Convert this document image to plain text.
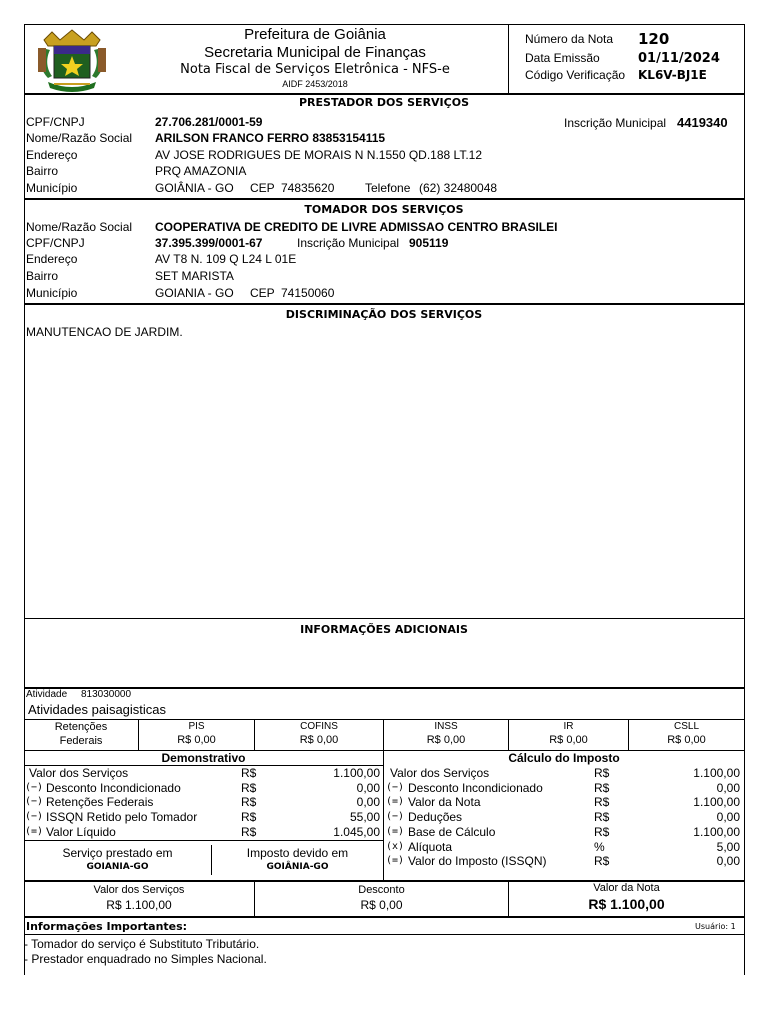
Prefeitura de Goiânia
Secretaria Municipal de Finanças
Nota Fiscal de Serviços Eletrônica - NFS-e
AIDF 2453/2018
Número da Nota 120
Data Emissão	01/11/2024
Código Verificação KL6V-BJ1E
PRESTADOR DOS SERVIÇOS
CPF/CNPJ	27.706.281/0001-59	Inscrição Municipal 4419340
Nome/Razão Social ARILSON FRANCO FERRO 83853154115
Endereço	AV JOSE RODRIGUES DE MORAIS N N.1550 QD.188 LT.12
Bairro	PRQ AMAZONIA
Município	GOIÂNIA - GO CEP 74835620	Telefone (62) 32480048
TOMADOR DOS SERVIÇOS
Nome/Razão Social COOPERATIVA DE CREDITO DE LIVRE ADMISSAO CENTRO BRASILEI
CPF/CNPJ	37.395.399/0001-67	Inscrição Municipal 905119
Endereço	AV T8 N. 109 Q L24 L 01E
Bairro	SET MARISTA
Município	GOIANIA - GO CEP 74150060
DISCRIMINAÇÃO DOS SERVIÇOS
MANUTENCAO DE JARDIM.
INFORMAÇÕES ADICIONAIS
Atividade 813030000
Atividades paisagisticas
Retenções
Federais
PIS
R$ 0,00
COFINS
R$ 0,00
INSS
R$ 0,00
IR
R$ 0,00
CSLL
R$ 0,00
Demonstrativo	Cálculo do Imposto
Valor dos Serviços	R$	1.100,00
(−) Desconto Incondicionado	R$	0,00
(−) Retenções Federais	R$	0,00
(−) ISSQN Retido pelo Tomador	R$	55,00
(=) Valor Líquido	R$	1.045,00
Valor dos Serviços	R$	1.100,00
(−) Desconto Incondicionado	R$	0,00
(=) Valor da Nota	R$	1.100,00
(−) Deduções	R$	0,00
(=) Base de Cálculo	R$	1.100,00
(x) Alíquota	%	5,00
(=) Valor do Imposto (ISSQN)	R$	0,00
Serviço prestado em
GOIANIA-GO
Imposto devido em
GOIÂNIA-GO
Valor dos Serviços
R$ 1.100,00
Desconto
R$ 0,00
Valor da Nota
R$ 1.100,00
Informações Importantes:	Usuário: 1
- Tomador do serviço é Substituto Tributário.
- Prestador enquadrado no Simples Nacional.
